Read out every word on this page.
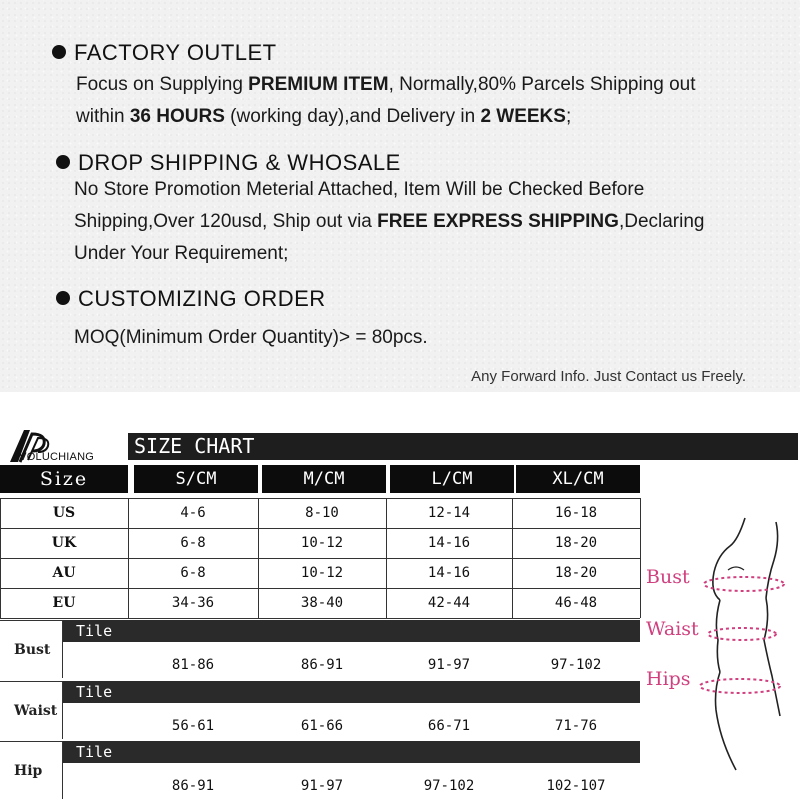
FACTORY OUTLET
Focus on Supplying PREMIUM ITEM, Normally,80% Parcels Shipping out
within 36 HOURS (working day),and Delivery in 2 WEEKS;
DROP SHIPPING & WHOSALE
No Store Promotion Meterial Attached, Item Will be Checked Before
Shipping,Over 120usd, Ship out via FREE EXPRESS SHIPPING,Declaring
Under Your Requirement;
CUSTOMIZING ORDER
MOQ(Minimum Order Quantity)> = 80pcs.
Any Forward Info. Just Contact us Freely.
IVOLUCHIANG	SIZE CHART
Size	S/CM	M/CM	L/CM	XL/CM
US	4-6	8-10	12-14	16-18
UK	6-8	10-12	14-16	18-20
AU	6-8	10-12	14-16	18-20
EU	34-36	38-40	42-44	46-48
Tile
Bust
81-86	86-91	91-97	97-102
Tile
Waist
56-61	61-66	66-71	71-76
Tile
Hip
86-91	91-97	97-102	102-107
Bust
Waist
Hips
